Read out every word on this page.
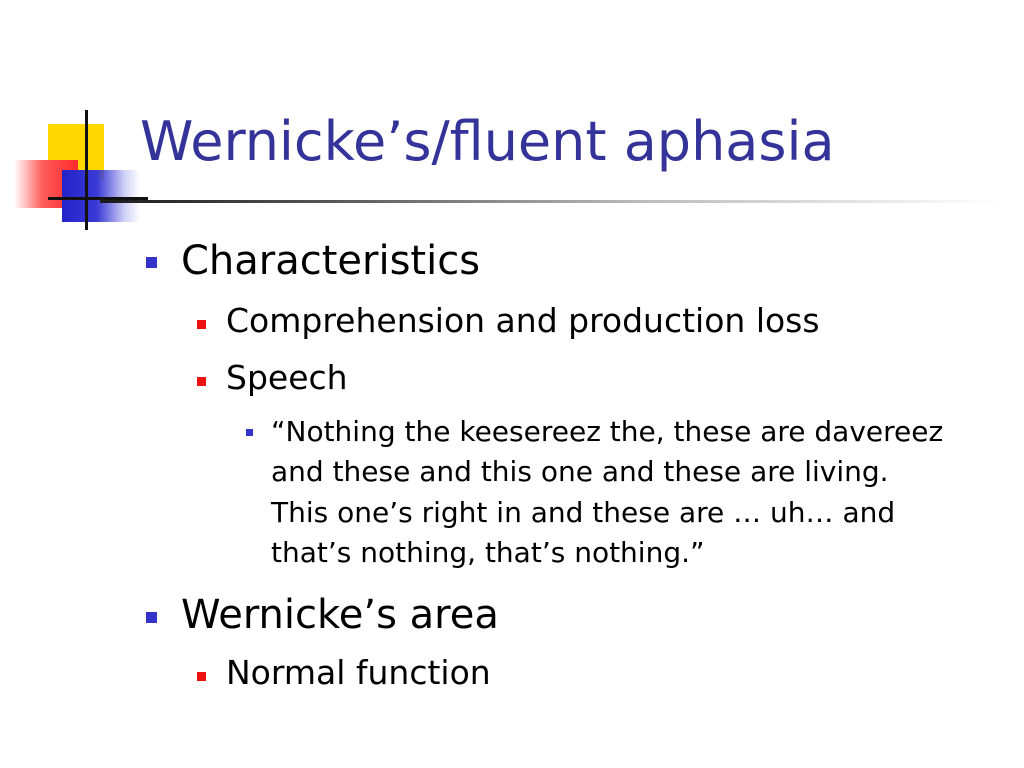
Wernicke’s/fluent aphasia
Characteristics
Comprehension and production loss
Speech
“Nothing the keesereez the, these are davereez
and these and this one and these are living.
This one’s right in and these are … uh… and
that’s nothing, that’s nothing.”
Wernicke’s area
Normal function
